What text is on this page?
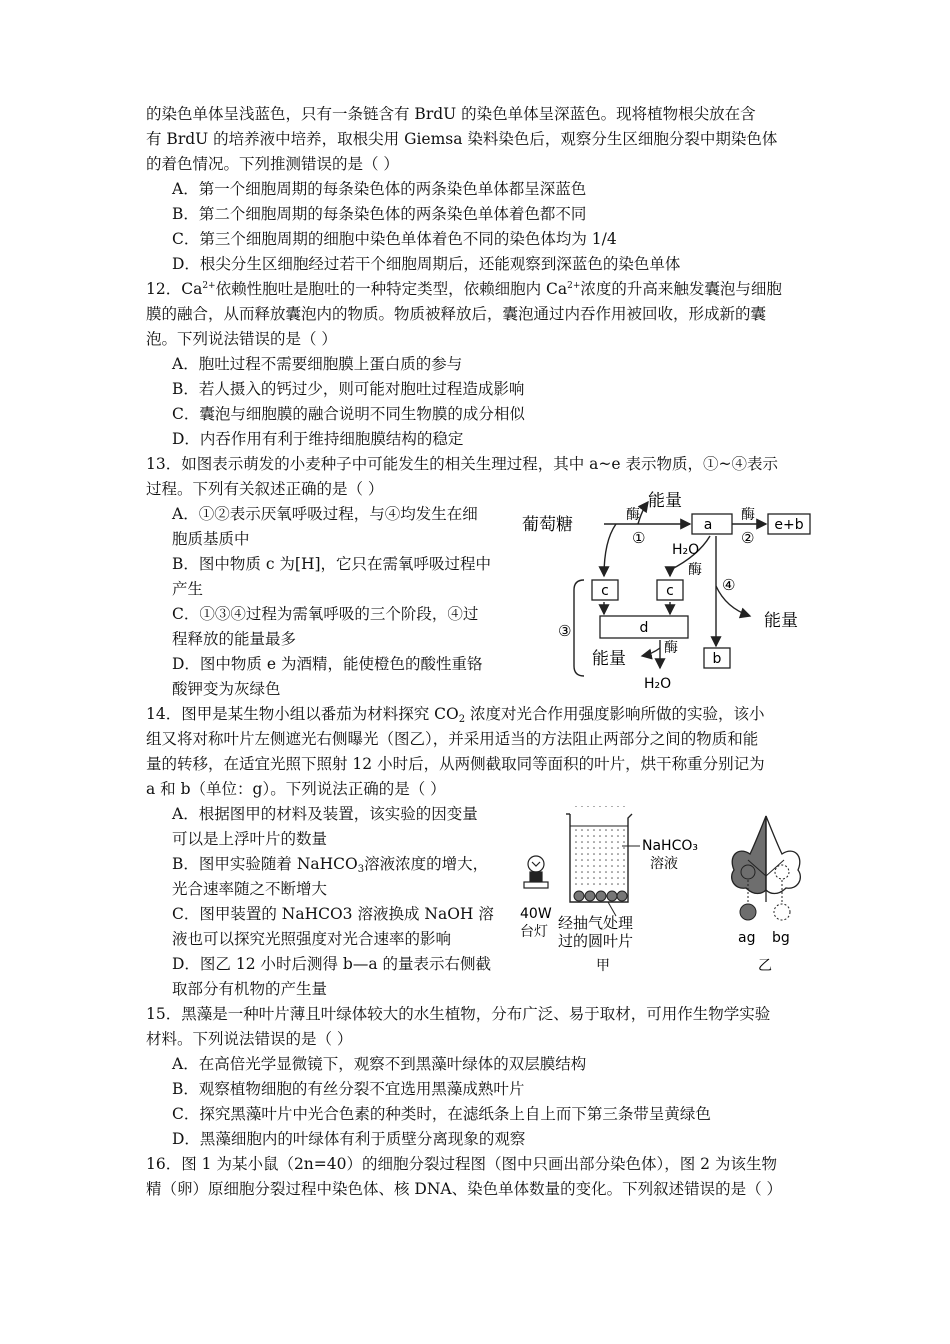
的染色单体呈浅蓝色，只有一条链含有 BrdU 的染色单体呈深蓝色。现将植物根尖放在含
有 BrdU 的培养液中培养，取根尖用 Giemsa 染料染色后，观察分生区细胞分裂中期染色体
的着色情况。下列推测错误的是（ ）
A．第一个细胞周期的每条染色体的两条染色单体都呈深蓝色
B．第二个细胞周期的每条染色体的两条染色单体着色都不同
C．第三个细胞周期的细胞中染色单体着色不同的染色体均为 1/4
D．根尖分生区细胞经过若干个细胞周期后，还能观察到深蓝色的染色单体
12．$Ca^{2+}$依赖性胞吐是胞吐的一种特定类型，依赖细胞内 $Ca^{2+}$浓度的升高来触发囊泡与细胞
膜的融合，从而释放囊泡内的物质。物质被释放后，囊泡通过内吞作用被回收，形成新的囊
泡。下列说法错误的是（ ）
A．胞吐过程不需要细胞膜上蛋白质的参与
B．若人摄入的钙过少，则可能对胞吐过程造成影响
C．囊泡与细胞膜的融合说明不同生物膜的成分相似
D．内吞作用有利于维持细胞膜结构的稳定
13．如图表示萌发的小麦种子中可能发生的相关生理过程，其中 a~e 表示物质，①~④表示
过程。下列有关叙述正确的是（ ）
A．①②表示厌氧呼吸过程，与④均发生在细
胞质基质中
B．图中物质 c 为[H]，它只在需氧呼吸过程中
产生
C．①③④过程为需氧呼吸的三个阶段，④过
程释放的能量最多
D．图中物质 e 为酒精，能使橙色的酸性重铬
酸钾变为灰绿色
葡萄糖	酶
能量
①
a
酶
②
e+b
H₂O
酶
④
能量
c	c
③	d
酶
能量	b
H₂O
14．图甲是某生物小组以番茄为材料探究 $CO_2$ 浓度对光合作用强度影响所做的实验，该小
组又将对称叶片左侧遮光右侧曝光（图乙），并采用适当的方法阻止两部分之间的物质和能
量的转移，在适宜光照下照射 12 小时后，从两侧截取同等面积的叶片，烘干称重分别记为
a 和 b（单位：g）。下列说法正确的是（ ）
A．根据图甲的材料及装置，该实验的因变量
可以是上浮叶片的数量
B．图甲实验随着 NaHCO$_3$溶液浓度的增大，
光合速率随之不断增大
C．图甲装置的 NaHCO3 溶液换成 NaOH 溶
液也可以探究光照强度对光合速率的影响
D．图乙 12 小时后测得 b—a 的量表示右侧截
取部分有机物的产生量
NaHCO₃
溶液
40W
台灯 经抽气处理
过的圆叶片
甲
ag bg
乙
15．黑藻是一种叶片薄且叶绿体较大的水生植物，分布广泛、易于取材，可用作生物学实验
材料。下列说法错误的是（ ）
A．在高倍光学显微镜下，观察不到黑藻叶绿体的双层膜结构
B．观察植物细胞的有丝分裂不宜选用黑藻成熟叶片
C．探究黑藻叶片中光合色素的种类时，在滤纸条上自上而下第三条带呈黄绿色
D．黑藻细胞内的叶绿体有利于质壁分离现象的观察
16．图 1 为某小鼠（2n=40）的细胞分裂过程图（图中只画出部分染色体），图 2 为该生物
精（卵）原细胞分裂过程中染色体、核 DNA、染色单体数量的变化。下列叙述错误的是（ ）
